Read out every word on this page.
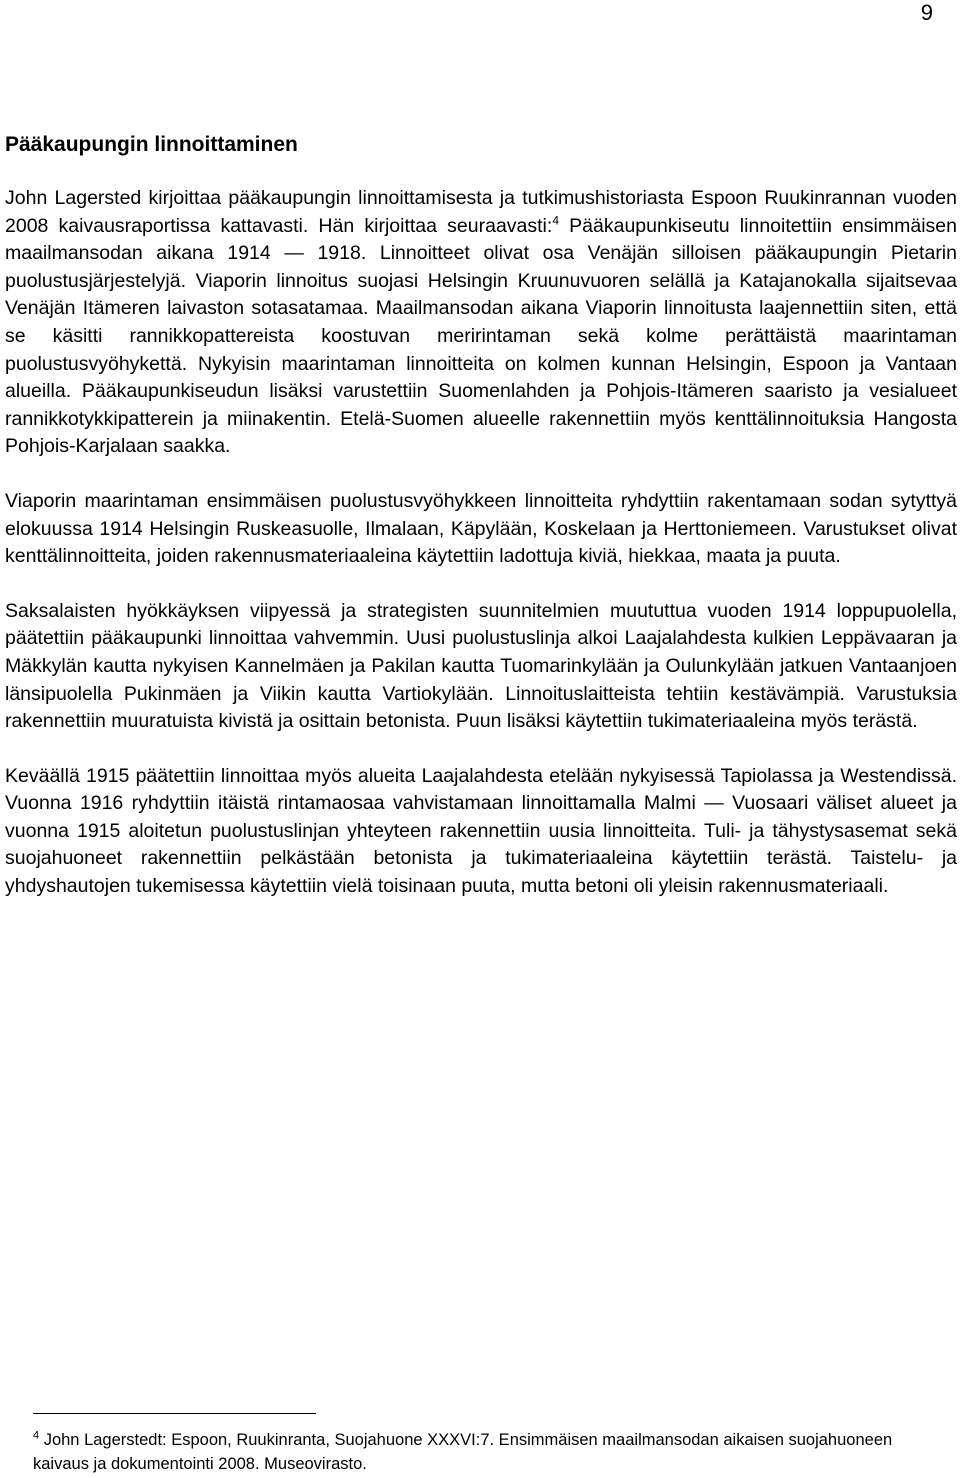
9
Pääkaupungin linnoittaminen

John Lagersted kirjoittaa pääkaupungin linnoittamisesta ja tutkimushistoriasta Espoon Ruukinrannan vuoden 2008 kaivausraportissa kattavasti. Hän kirjoittaa seuraavasti:$^4$ Pääkaupunkiseutu linnoitettiin ensimmäisen maailmansodan aikana 1914 — 1918. Linnoitteet olivat osa Venäjän silloisen pääkaupungin Pietarin puolustusjärjestelyjä. Viaporin linnoitus suojasi Helsingin Kruunuvuoren selällä ja Katajanokalla sijaitsevaa Venäjän Itämeren laivaston sotasatamaa. Maailmansodan aikana Viaporin linnoitusta laajennettiin siten, että se käsitti rannikkopattereista koostuvan meririntaman sekä kolme perättäistä maarintaman puolustusvyöhykettä. Nykyisin maarintaman linnoitteita on kolmen kunnan Helsingin, Espoon ja Vantaan alueilla. Pääkaupunkiseudun lisäksi varustettiin Suomenlahden ja Pohjois-Itämeren saaristo ja vesialueet rannikkotykkipatterein ja miinakentin. Etelä-Suomen alueelle rakennettiin myös kenttälinnoituksia Hangosta Pohjois-Karjalaan saakka.

Viaporin maarintaman ensimmäisen puolustusvyöhykkeen linnoitteita ryhdyttiin rakentamaan sodan sytyttyä elokuussa 1914 Helsingin Ruskeasuolle, Ilmalaan, Käpylään, Koskelaan ja Herttoniemeen. Varustukset olivat kenttälinnoitteita, joiden rakennusmateriaaleina käytettiin ladottuja kiviä, hiekkaa, maata ja puuta.

Saksalaisten hyökkäyksen viipyessä ja strategisten suunnitelmien muututtua vuoden 1914 loppupuolella, päätettiin pääkaupunki linnoittaa vahvemmin. Uusi puolustuslinja alkoi Laajalahdesta kulkien Leppävaaran ja Mäkkylän kautta nykyisen Kannelmäen ja Pakilan kautta Tuomarinkylään ja Oulunkylään jatkuen Vantaanjoen länsipuolella Pukinmäen ja Viikin kautta Vartiokylään. Linnoituslaitteista tehtiin kestävämpiä. Varustuksia rakennettiin muuratuista kivistä ja osittain betonista. Puun lisäksi käytettiin tukimateriaaleina myös terästä.

Keväällä 1915 päätettiin linnoittaa myös alueita Laajalahdesta etelään nykyisessä Tapiolassa ja Westendissä. Vuonna 1916 ryhdyttiin itäistä rintamaosaa vahvistamaan linnoittamalla Malmi — Vuosaari väliset alueet ja vuonna 1915 aloitetun puolustuslinjan yhteyteen rakennettiin uusia linnoitteita. Tuli- ja tähystysasemat sekä suojahuoneet rakennettiin pelkästään betonista ja tukimateriaaleina käytettiin terästä. Taistelu- ja yhdyshautojen tukemisessa käytettiin vielä toisinaan puuta, mutta betoni oli yleisin rakennusmateriaali.

$^4$ John Lagerstedt: Espoon, Ruukinranta, Suojahuone XXXVI:7. Ensimmäisen maailmansodan aikaisen suojahuoneen kaivaus ja dokumentointi 2008. Museovirasto.
